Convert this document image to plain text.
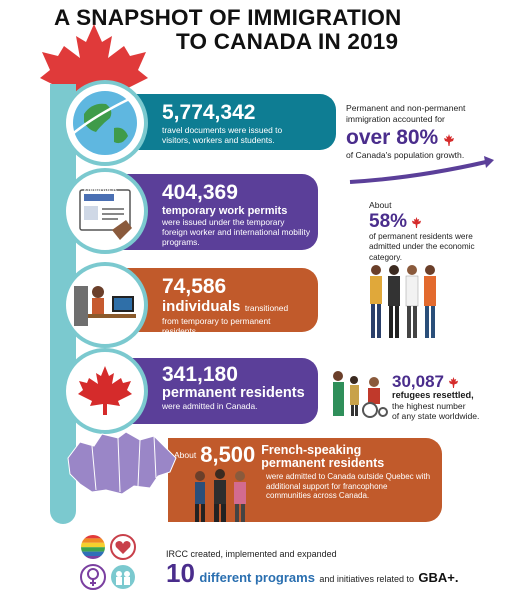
A SNAPSHOT OF IMMIGRATION
TO CANADA IN 2019
5,774,342
travel documents were issued to visitors, workers and students.
404,369
temporary work permits
were issued under the temporary foreign worker and international mobility programs.
APPROVED
74,586
individuals transitioned
from temporary to permanent residents.
341,180
permanent residents
were admitted in Canada.
About 8,500 French-speaking permanent residents
were admitted to Canada outside Quebec with additional support for francophone communities across Canada.
Permanent and non-permanent immigration accounted for
over 80%
of Canada's population growth.
About
58%
of permanent residents were admitted under the economic category.
30,087
refugees resettled,
the highest number
of any state worldwide.
IRCC created, implemented and expanded
10 different programs and initiatives related to GBA+.
